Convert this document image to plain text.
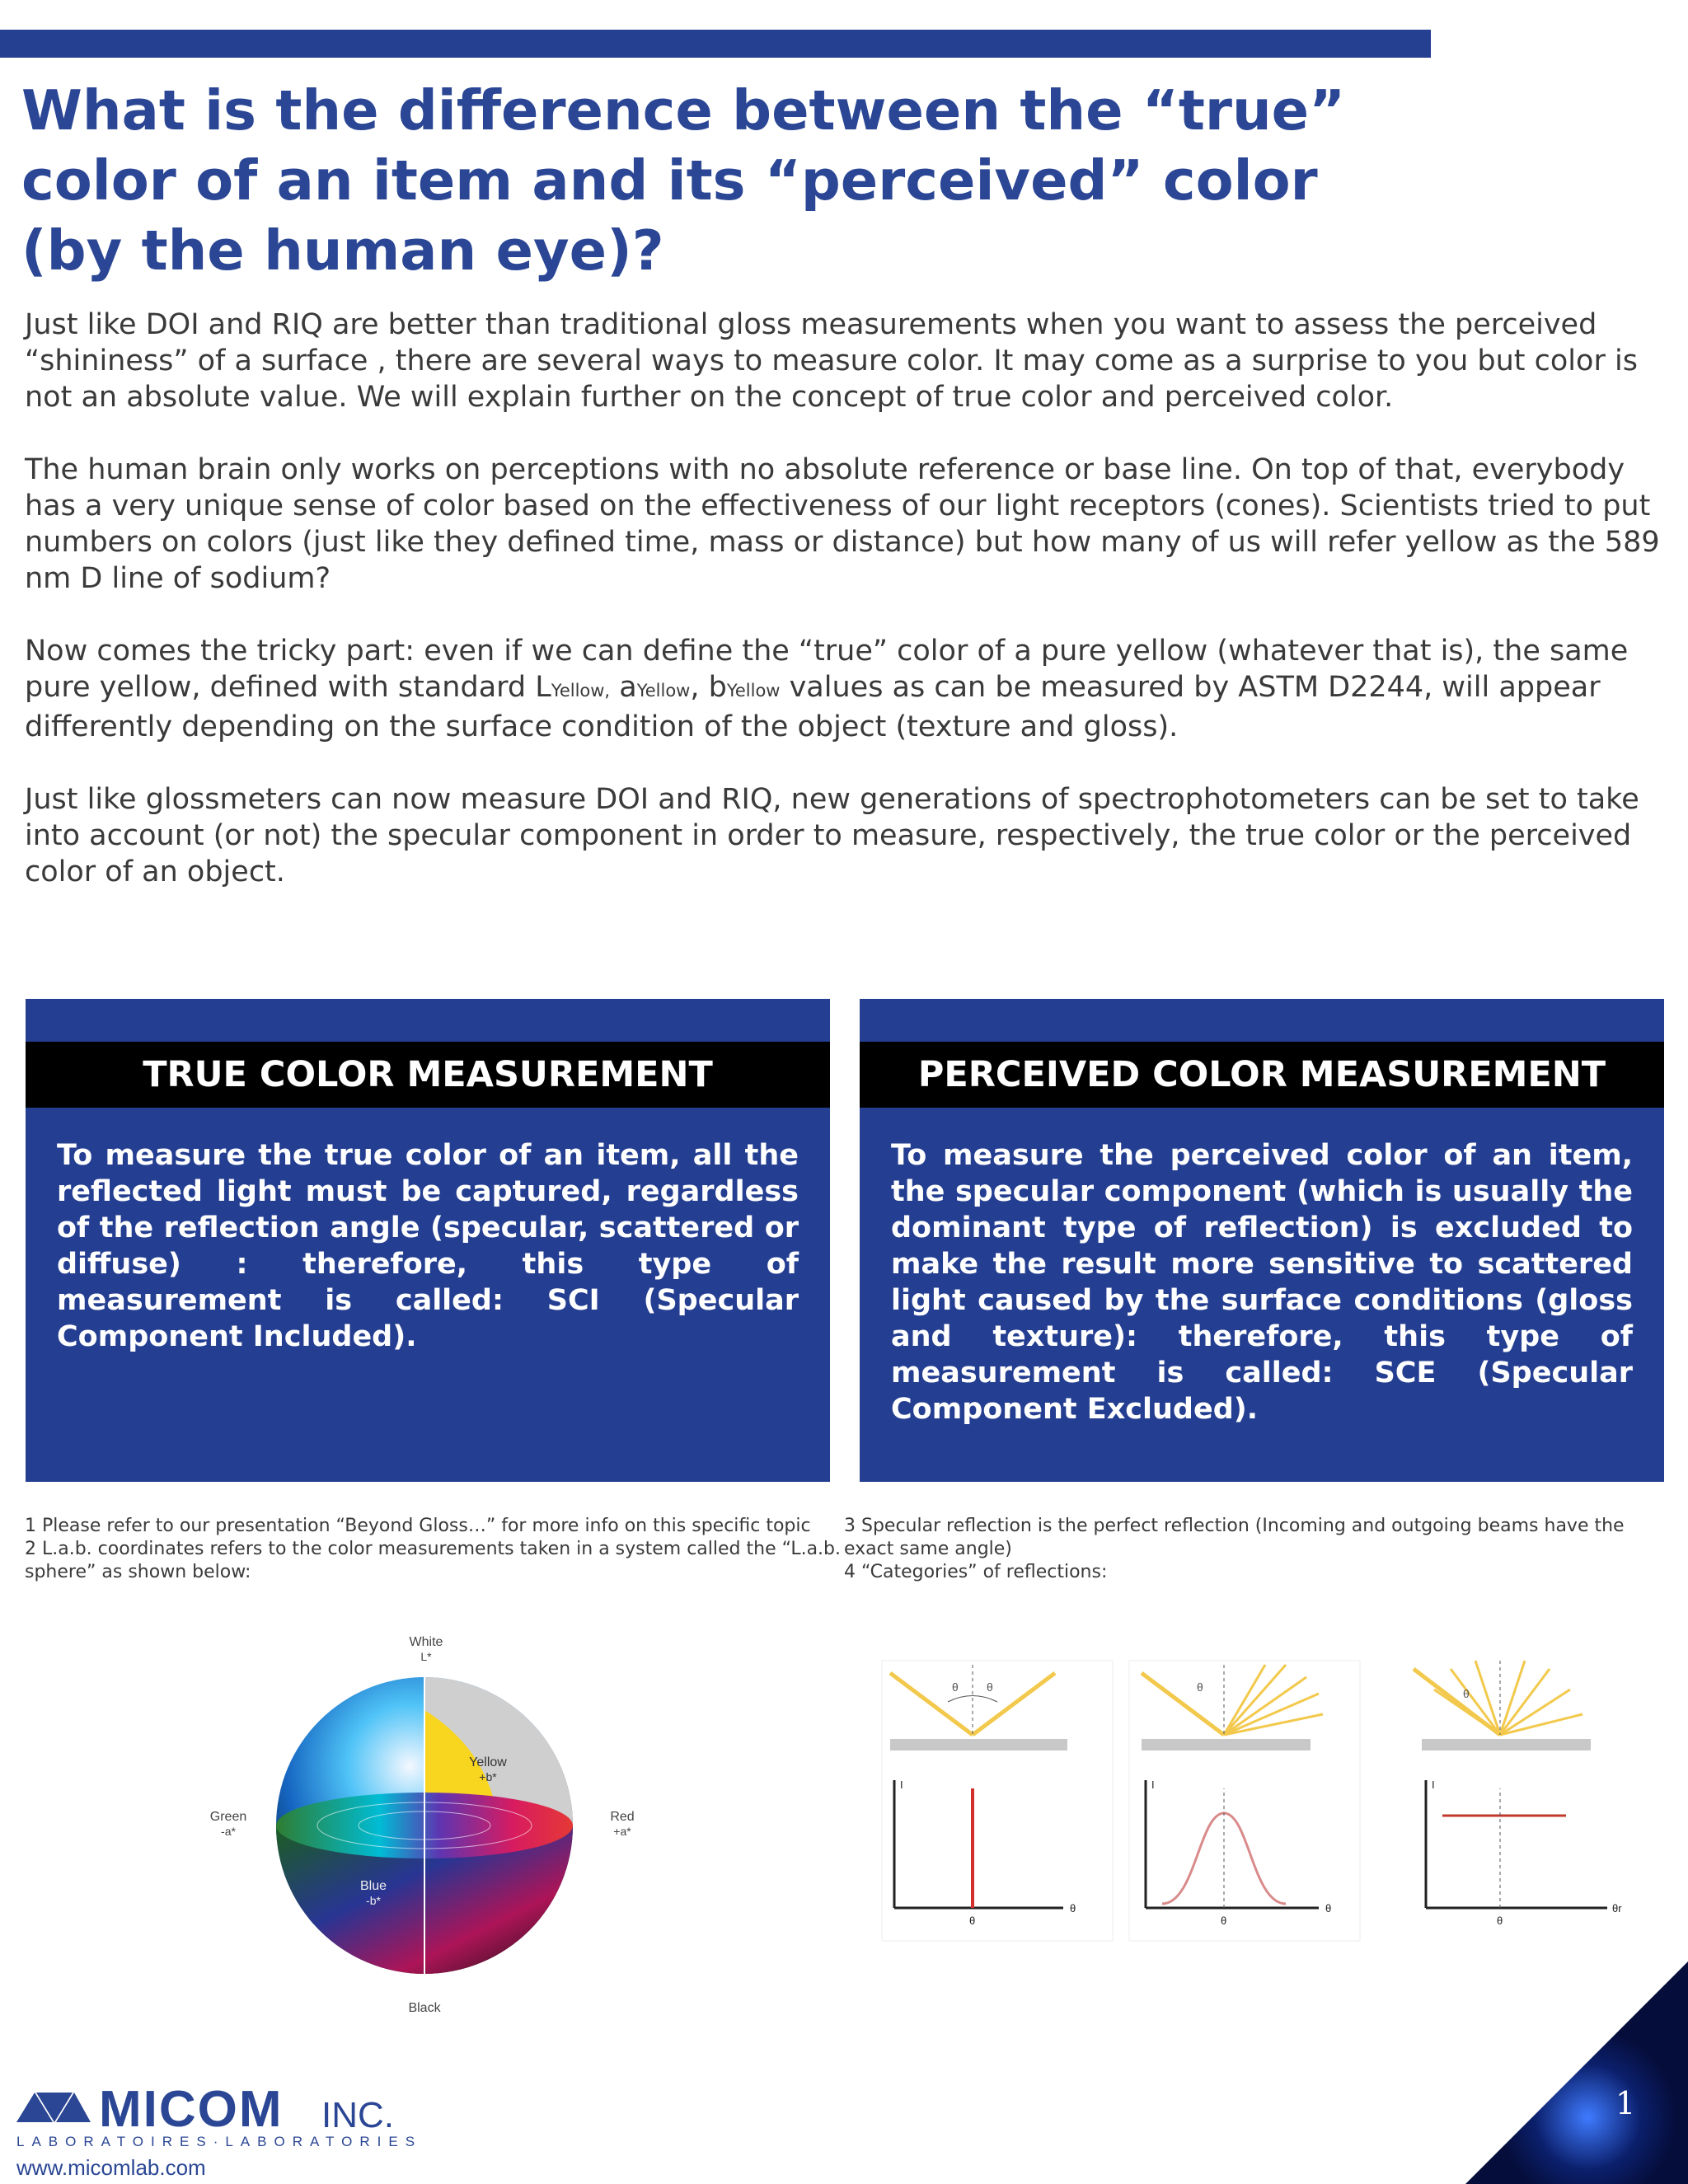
What is the difference between the “true”
color of an item and its “perceived” color
(by the human eye)?

Just like DOI and RIQ are better than traditional gloss measurements when you want to assess the perceived “shininess” of a surface , there are several ways to measure color. It may come as a surprise to you but color is not an absolute value. We will explain further on the concept of true color and perceived color.

The human brain only works on perceptions with no absolute reference or base line. On top of that, everybody has a very unique sense of color based on the effectiveness of our light receptors (cones). Scientists tried to put numbers on colors (just like they defined time, mass or distance) but how many of us will refer yellow as the 589 nm D line of sodium?

Now comes the tricky part: even if we can define the “true” color of a pure yellow (whatever that is), the same pure yellow, defined with standard LYellow, aYellow, bYellow values as can be measured by ASTM D2244, will appear differently depending on the surface condition of the object (texture and gloss).

Just like glossmeters can now measure DOI and RIQ, new generations of spectrophotometers can be set to take into account (or not) the specular component in order to measure, respectively, the true color or the perceived color of an object.

TRUE COLOR MEASUREMENT
To measure the true color of an item, all the reflected light must be captured, regardless of the reflection angle (specular, scattered or diffuse) : therefore, this type of measurement is called: SCI (Specular Component Included).
PERCEIVED COLOR MEASUREMENT
To measure the perceived color of an item, the specular component (which is usually the dominant type of reflection) is excluded to make the result more sensitive to scattered light caused by the surface conditions (gloss and texture): therefore, this type of measurement is called: SCE (Specular Component Excluded).
1 Please refer to our presentation “Beyond Gloss…” for more info on this specific topic
2 L.a.b. coordinates refers to the color measurements taken in a system called the “L.a.b. sphere” as shown below:
3 Specular reflection is the perfect reflection (Incoming and outgoing beams have the exact same angle)
4 “Categories” of reflections:
White
L*
Yellow
+b*
Green
-a*
Red
+a*
Blue
-b*
Black
θ θ
I
θ
θ
θ
I
θ
θ
θ
I
θr
θ
MICOM INC.
LABORATOIRES·LABORATORIES
www.micomlab.com
1
